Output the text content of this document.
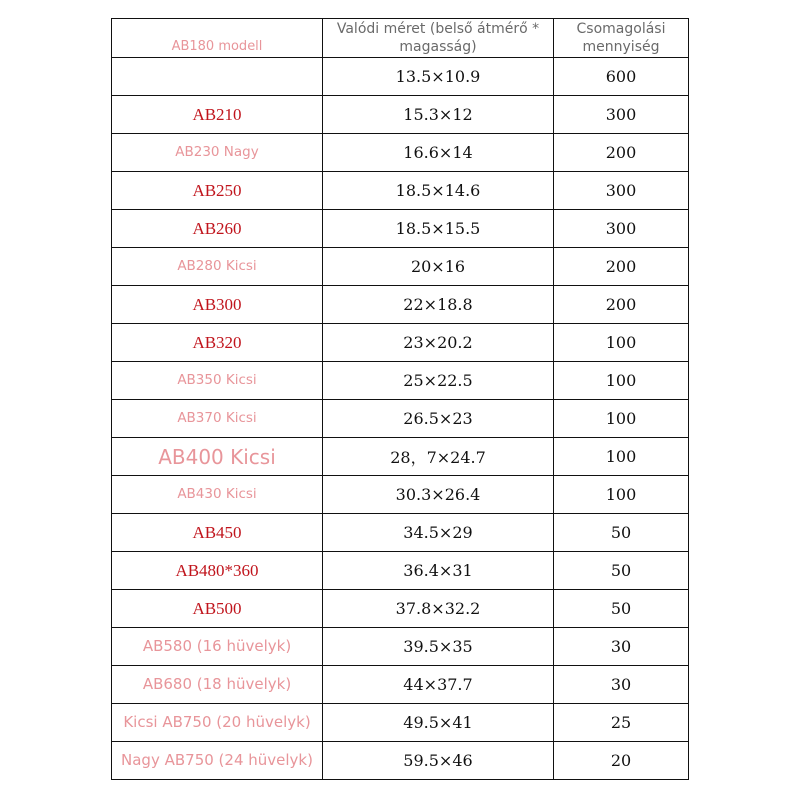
AB180 modell	Valódi méret (belső átmérő * magasság)	Csomagolási mennyiség
	13.5×10.9	600
AB210	15.3×12	300
AB230 Nagy	16.6×14	200
AB250	18.5×14.6	300
AB260	18.5×15.5	300
AB280 Kicsi	20×16	200
AB300	22×18.8	200
AB320	23×20.2	100
AB350 Kicsi	25×22.5	100
AB370 Kicsi	26.5×23	100
AB400 Kicsi	28，7×24.7	100
AB430 Kicsi	30.3×26.4	100
AB450	34.5×29	50
AB480*360	36.4×31	50
AB500	37.8×32.2	50
AB580 (16 hüvelyk)	39.5×35	30
AB680 (18 hüvelyk)	44×37.7	30
Kicsi AB750 (20 hüvelyk)	49.5×41	25
Nagy AB750 (24 hüvelyk)	59.5×46	20
